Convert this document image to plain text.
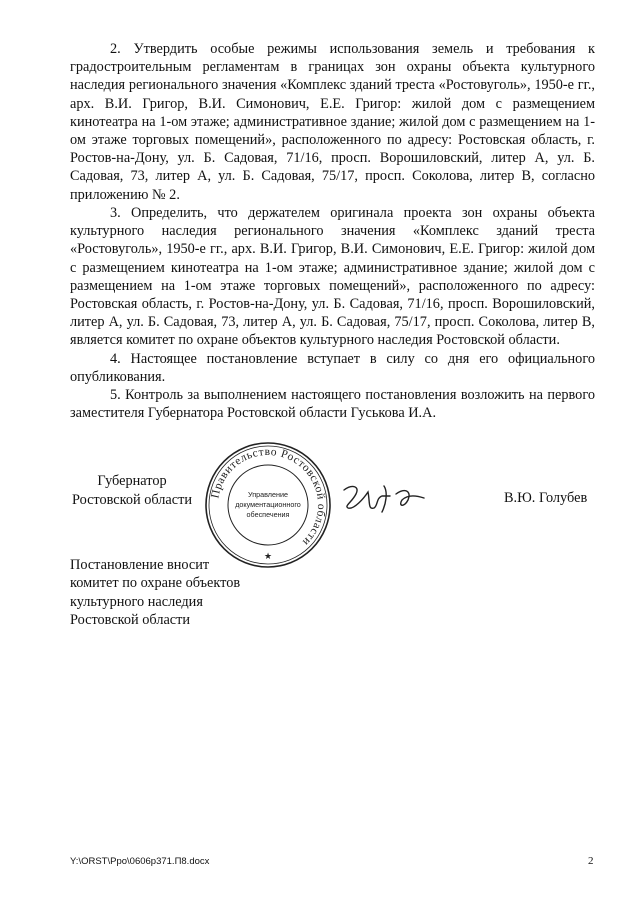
2. Утвердить особые режимы использования земель и требования к градостроительным регламентам в границах зон охраны объекта культурного наследия регионального значения «Комплекс зданий треста «Ростовуголь», 1950-е гг., арх. В.И. Григор, В.И. Симонович, Е.Е. Григор: жилой дом с размещением кинотеатра на 1-ом этаже; административное здание; жилой дом с размещением на 1-ом этаже торговых помещений», расположенного по адресу: Ростовская область, г. Ростов-на-Дону, ул. Б. Садовая, 71/16, просп. Ворошиловский, литер А, ул. Б. Садовая, 73, литер А, ул. Б. Садовая, 75/17, просп. Соколова, литер В, согласно приложению № 2.

3. Определить, что держателем оригинала проекта зон охраны объекта культурного наследия регионального значения «Комплекс зданий треста «Ростовуголь», 1950-е гг., арх. В.И. Григор, В.И. Симонович, Е.Е. Григор: жилой дом с размещением кинотеатра на 1-ом этаже; административное здание; жилой дом с размещением на 1-ом этаже торговых помещений», расположенного по адресу: Ростовская область, г. Ростов-на-Дону, ул. Б. Садовая, 71/16, просп. Ворошиловский, литер А, ул. Б. Садовая, 73, литер А, ул. Б. Садовая, 75/17, просп. Соколова, литер В, является комитет по охране объектов культурного наследия Ростовской области.

4. Настоящее постановление вступает в силу со дня его официального опубликования.

5. Контроль за выполнением настоящего постановления возложить на первого заместителя Губернатора Ростовской области Гуськова И.А.

Губернатор
Ростовской области	Правительство Ростовской области
Управление
документационного
обеспечения
★
В.Ю. Голубев
Постановление вносит
комитет по охране объектов
культурного наследия
Ростовской области
Y:\ORST\Ppo\0606p371.П8.docx	2
